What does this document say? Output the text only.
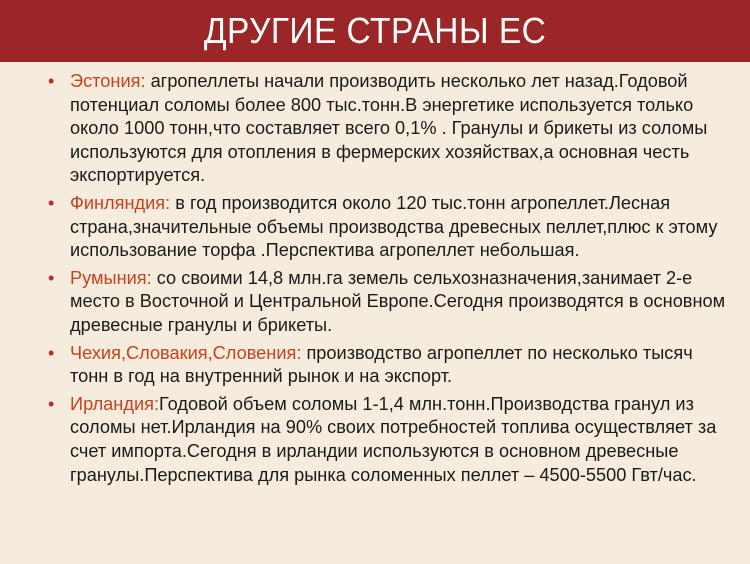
ДРУГИЕ СТРАНЫ ЕС
• Эстония: агропеллеты начали производить несколько лет назад.Годовой потенциал соломы более 800 тыс.тонн.В энергетике используется только около 1000 тонн,что составляет всего 0,1% . Гранулы и брикеты из соломы используются для отопления в фермерских хозяйствах,а основная честь экспортируется.
• Финляндия: в год производится около 120 тыс.тонн агропеллет.Лесная страна,значительные объемы производства древесных пеллет,плюс к этому использование торфа .Перспектива агропеллет небольшая.
• Румыния: со своими 14,8 млн.га земель сельхозназначения,занимает 2-е место в Восточной и Центральной Европе.Сегодня производятся в основном древесные гранулы и брикеты.
• Чехия,Словакия,Словения: производство агропеллет по несколько тысяч тонн в год на внутренний рынок и на экспорт.
• Ирландия:Годовой объем соломы 1-1,4 млн.тонн.Производства гранул из соломы нет.Ирландия на 90% своих потребностей топлива осуществляет за счет импорта.Сегодня в ирландии используются в основном древесные гранулы.Перспектива для рынка соломенных пеллет – 4500-5500 Гвт/час.
